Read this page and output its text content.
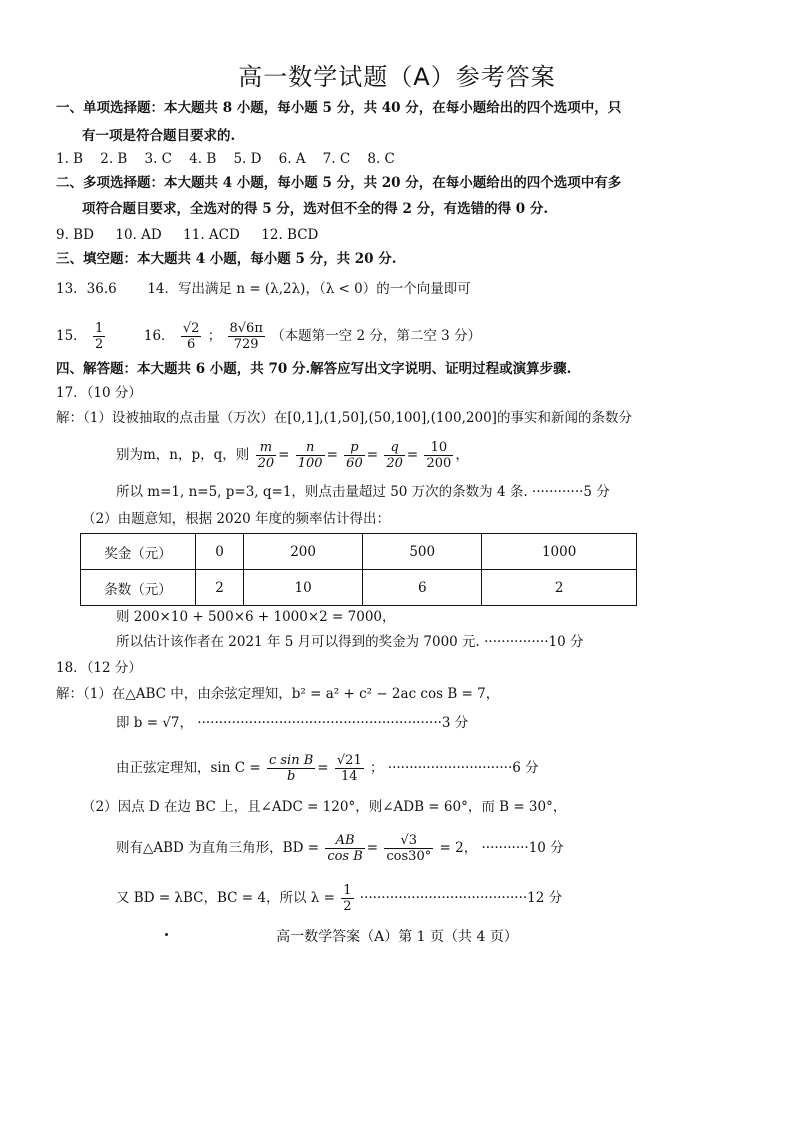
高一数学试题（A）参考答案
一、单项选择题：本大题共 8 小题，每小题 5 分，共 40 分，在每小题给出的四个选项中，只
有一项是符合题目要求的.
1. B    2. B    3. C    4. B    5. D    6. A    7. C    8. C
二、多项选择题：本大题共 4 小题，每小题 5 分，共 20 分，在每小题给出的四个选项中有多
项符合题目要求，全选对的得 5 分，选对但不全的得 2 分，有选错的得 0 分.
9. BD     10. AD     11. ACD     12. BCD
三、填空题：本大题共 4 小题，每小题 5 分，共 20 分.
13．36.6 14．写出满足 n = (λ,2λ)，（λ < 0）的一个向量即可
15． $\frac{1}{2}$	16． $\frac{√2}{6}$ ； $\frac{8√6\pi}{729}$ （本题第一空 2 分，第二空 3 分）
四、解答题：本大题共 6 小题，共 70 分.解答应写出文字说明、证明过程或演算步骤.
17．（10 分）
解：（1）设被抽取的点击量（万次）在[0,1],(1,50],(50,100],(100,200]的事实和新闻的条数分
别为m，n，p，q，则 $\frac{m}{20} = \frac{n}{100} = \frac{p}{60} = \frac{q}{20} = \frac{10}{200}$ ，
所以 m=1, n=5, p=3, q=1，则点击量超过 50 万次的条数为 4 条. ············5 分
（2）由题意知，根据 2020 年度的频率估计得出：
奖金（元）	0	200	500	1000
条数（元）	2	10	6	2
则 200×10 + 500×6 + 1000×2 = 7000，
所以估计该作者在 2021 年 5 月可以得到的奖金为 7000 元. ···············10 分
18．（12 分）
解：（1）在△ABC 中，由余弦定理知，b² = a² + c² − 2ac cos B = 7，
即 b = √7， ·························································3 分
由正弦定理知，$\sin C = \frac{\text{c sin B}}{b} = \frac{√21}{14}$ ； ·····························6 分
（2）因点 D 在边 BC 上，且∠ADC = 120°，则∠ADB = 60°，而 B = 30°，
则有△ABD 为直角三角形，BD = $\frac{AB}{\text{cos B}} = \frac{√3}{\cos 30^\circ} = 2$， ···········10 分
又 BD = λBC，BC = 4，所以 $\lambda = \frac{1}{2} \cdot\cdot\cdot\cdot\cdot\cdot\cdot\cdot\cdot\cdot\cdot\cdot\cdot\cdot\cdot\cdot\cdot\cdot\cdot\cdot\cdot\cdot\cdot\cdot\cdot\cdot\cdot\cdot\cdot\cdot\cdot\cdot\cdot\cdot\cdot\cdot\cdot\cdot\cdot 12$ 分
高一数学答案（A）第 1 页（共 4 页）
